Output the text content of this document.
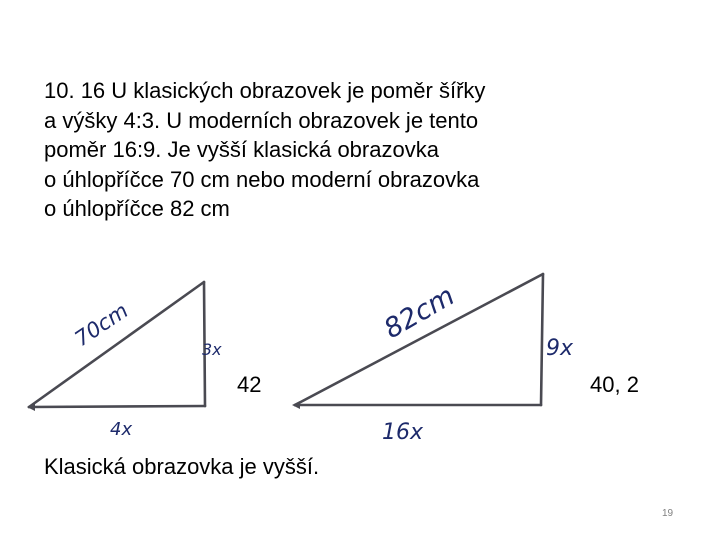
10. 16 U klasických obrazovek je poměr šířky
a výšky 4:3. U moderních obrazovek je tento
poměr 16:9. Je vyšší klasická obrazovka
o úhlopříčce 70 cm nebo moderní obrazovka
o úhlopříčce 82 cm

70cm	3x
4x
42
82cm
9x
16x
40, 2
Klasická obrazovka je vyšší.
19
